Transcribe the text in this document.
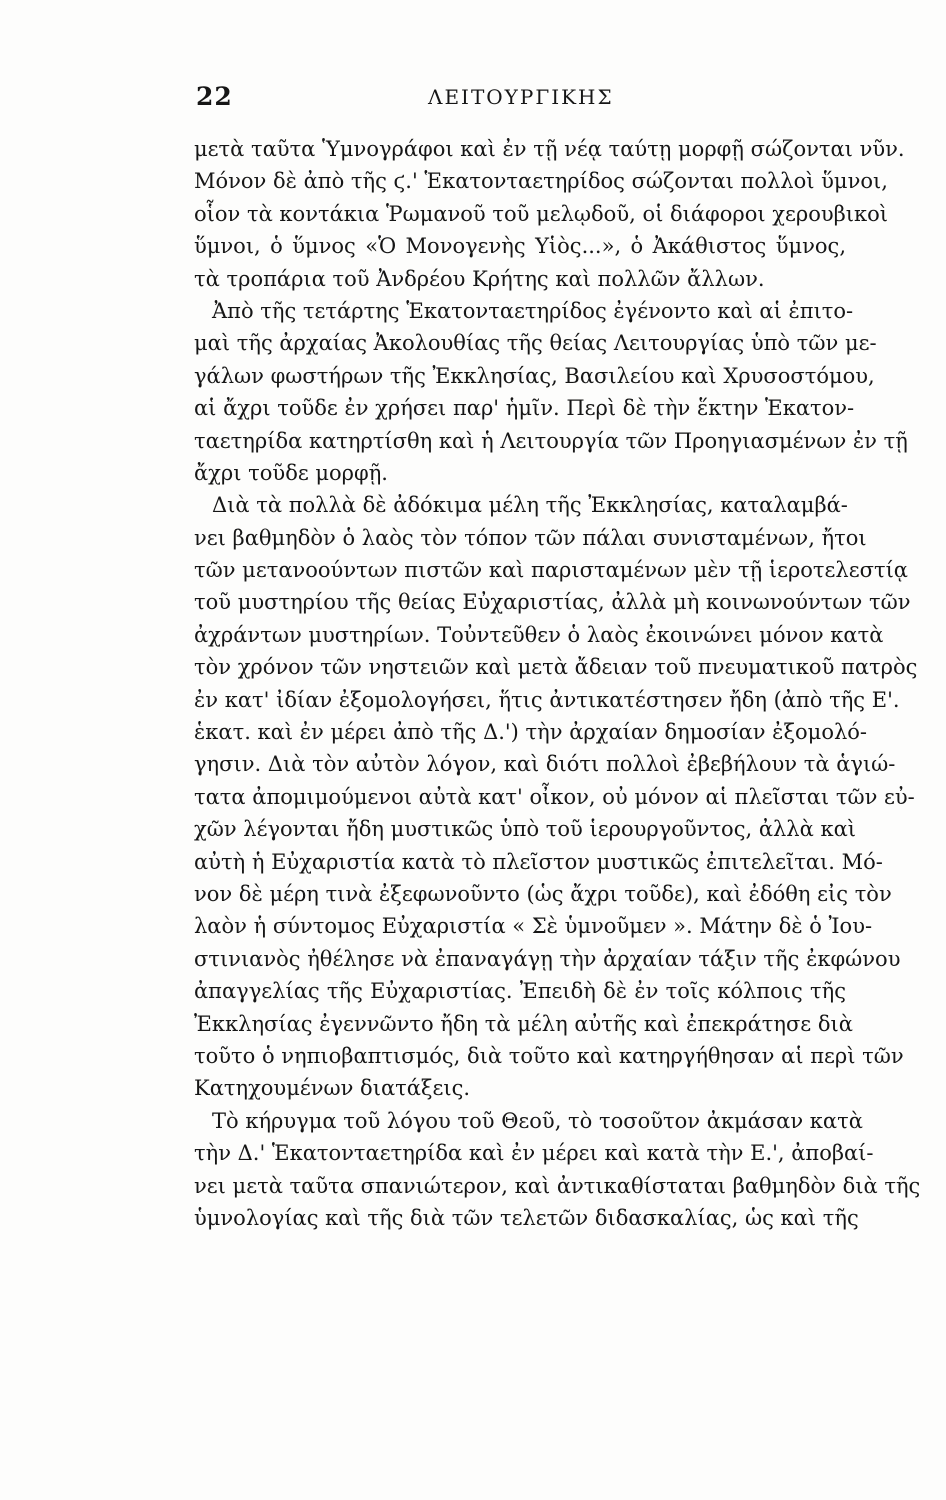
22	ΛΕΙΤΟΥΡΓΙΚΗΣ
μετὰ ταῦτα Ὑμνογράφοι καὶ ἐν τῇ νέᾳ ταύτῃ μορφῇ σώζονται νῦν.
Μόνον δὲ ἀπὸ τῆς ϛ.' Ἑκατονταετηρίδος σώζονται πολλοὶ ὕμνοι,
οἷον τὰ κοντάκια Ῥωμανοῦ τοῦ μελῳδοῦ, οἱ διάφοροι χερουβικοὶ
ὕμνοι, ὁ ὕμνος «Ὁ Μονογενὴς Υἱὸς...», ὁ Ἀκάθιστος ὕμνος,
τὰ τροπάρια τοῦ Ἀνδρέου Κρήτης καὶ πολλῶν ἄλλων.
Ἀπὸ τῆς τετάρτης Ἑκατονταετηρίδος ἐγένοντο καὶ αἱ ἐπιτο-
μαὶ τῆς ἀρχαίας Ἀκολουθίας τῆς θείας Λειτουργίας ὑπὸ τῶν με-
γάλων φωστήρων τῆς Ἐκκλησίας, Βασιλείου καὶ Χρυσοστόμου,
αἱ ἄχρι τοῦδε ἐν χρήσει παρ' ἡμῖν. Περὶ δὲ τὴν ἕκτην Ἑκατον-
ταετηρίδα κατηρτίσθη καὶ ἡ Λειτουργία τῶν Προηγιασμένων ἐν τῇ
ἄχρι τοῦδε μορφῇ.
Διὰ τὰ πολλὰ δὲ ἀδόκιμα μέλη τῆς Ἐκκλησίας, καταλαμβά-
νει βαθμηδὸν ὁ λαὸς τὸν τόπον τῶν πάλαι συνισταμένων, ἤτοι
τῶν μετανοούντων πιστῶν καὶ παρισταμένων μὲν τῇ ἱεροτελεστίᾳ
τοῦ μυστηρίου τῆς θείας Εὐχαριστίας, ἀλλὰ μὴ κοινωνούντων τῶν
ἀχράντων μυστηρίων. Τοὐντεῦθεν ὁ λαὸς ἐκοινώνει μόνον κατὰ
τὸν χρόνον τῶν νηστειῶν καὶ μετὰ ἄδειαν τοῦ πνευματικοῦ πατρὸς
ἐν κατ' ἰδίαν ἐξομολογήσει, ἥτις ἀντικατέστησεν ἤδη (ἀπὸ τῆς Ε'.
ἑκατ. καὶ ἐν μέρει ἀπὸ τῆς Δ.') τὴν ἀρχαίαν δημοσίαν ἐξομολό-
γησιν. Διὰ τὸν αὐτὸν λόγον, καὶ διότι πολλοὶ ἐβεβήλουν τὰ ἁγιώ-
τατα ἀπομιμούμενοι αὐτὰ κατ' οἶκον, οὐ μόνον αἱ πλεῖσται τῶν εὐ-
χῶν λέγονται ἤδη μυστικῶς ὑπὸ τοῦ ἱερουργοῦντος, ἀλλὰ καὶ
αὐτὴ ἡ Εὐχαριστία κατὰ τὸ πλεῖστον μυστικῶς ἐπιτελεῖται. Μό-
νον δὲ μέρη τινὰ ἐξεφωνοῦντο (ὡς ἄχρι τοῦδε), καὶ ἐδόθη εἰς τὸν
λαὸν ἡ σύντομος Εὐχαριστία « Σὲ ὑμνοῦμεν ». Μάτην δὲ ὁ Ἰου-
στινιανὸς ἠθέλησε νὰ ἐπαναγάγῃ τὴν ἀρχαίαν τάξιν τῆς ἐκφώνου
ἀπαγγελίας τῆς Εὐχαριστίας. Ἐπειδὴ δὲ ἐν τοῖς κόλποις τῆς
Ἐκκλησίας ἐγεννῶντο ἤδη τὰ μέλη αὐτῆς καὶ ἐπεκράτησε διὰ
τοῦτο ὁ νηπιοβαπτισμός, διὰ τοῦτο καὶ κατηργήθησαν αἱ περὶ τῶν
Κατηχουμένων διατάξεις.
Τὸ κήρυγμα τοῦ λόγου τοῦ Θεοῦ, τὸ τοσοῦτον ἀκμάσαν κατὰ
τὴν Δ.' Ἑκατονταετηρίδα καὶ ἐν μέρει καὶ κατὰ τὴν Ε.', ἀποβαί-
νει μετὰ ταῦτα σπανιώτερον, καὶ ἀντικαθίσταται βαθμηδὸν διὰ τῆς
ὑμνολογίας καὶ τῆς διὰ τῶν τελετῶν διδασκαλίας, ὡς καὶ τῆς
